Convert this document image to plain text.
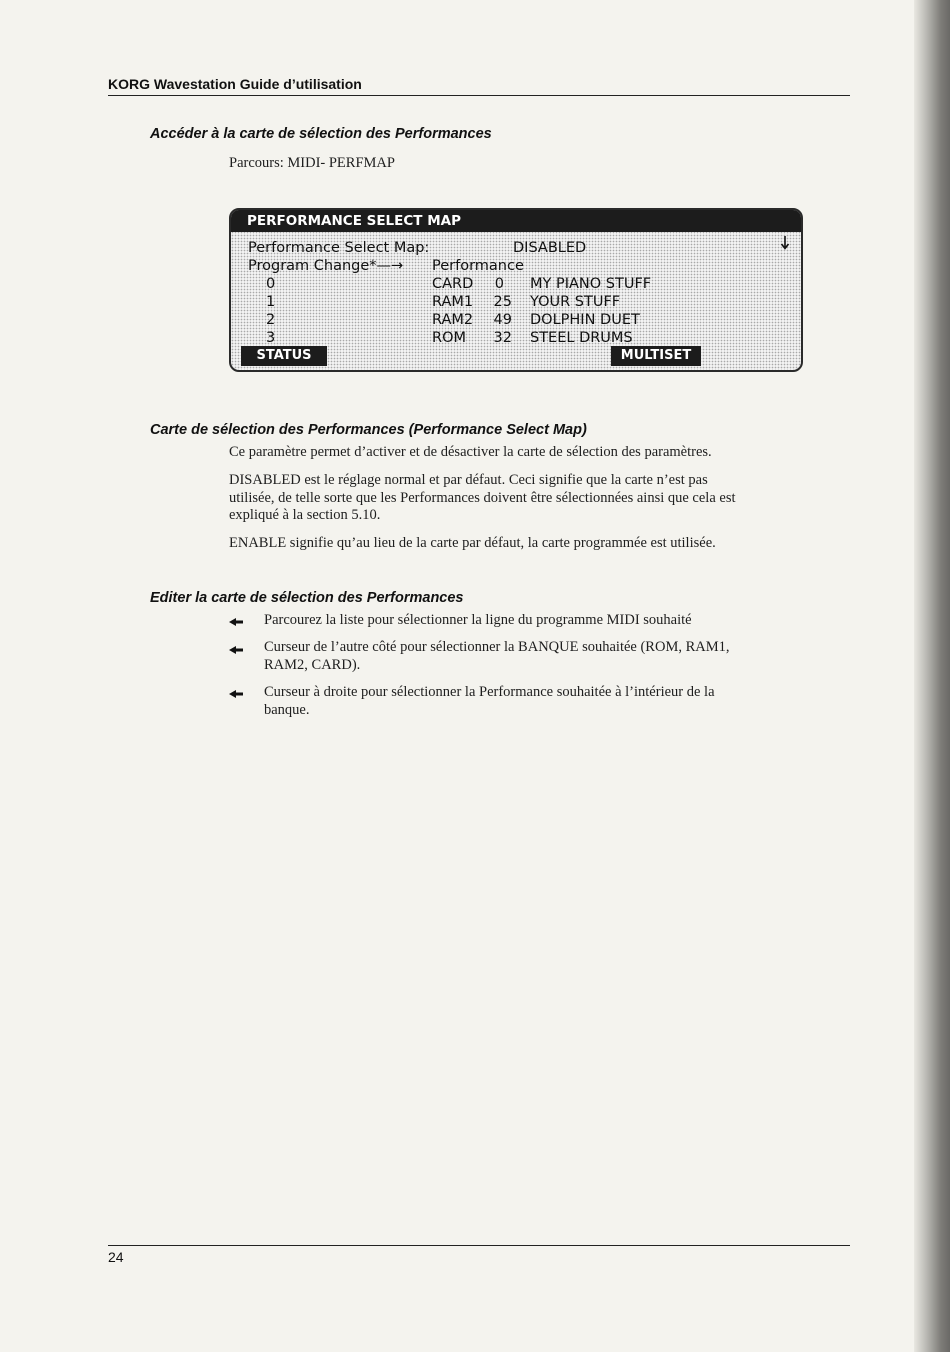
KORG Wavestation Guide d’utilisation
Accéder à la carte de sélection des Performances
Parcours: MIDI- PERFMAP
PERFORMANCE SELECT MAP
Performance Select Map:	DISABLED
Program Change*—→ Performance
0	CARD	0 MY PIANO STUFF
1	RAM1	25 YOUR STUFF
2	RAM2	49 DOLPHIN DUET
3	ROM	32 STEEL DRUMS
STATUS	MULTISET
Carte de sélection des Performances (Performance Select Map)
Ce paramètre permet d’activer et de désactiver la carte de sélection des paramètres.
DISABLED est le réglage normal et par défaut. Ceci signifie que la carte n’est pas
utilisée, de telle sorte que les Performances doivent être sélectionnées ainsi que cela est
expliqué à la section 5.10.
ENABLE signifie qu’au lieu de la carte par défaut, la carte programmée est utilisée.
Editer la carte de sélection des Performances
Parcourez la liste pour sélectionner la ligne du programme MIDI souhaité
Curseur de l’autre côté pour sélectionner la BANQUE souhaitée (ROM, RAM1,
RAM2, CARD).
Curseur à droite pour sélectionner la Performance souhaitée à l’intérieur de la
banque.
24
